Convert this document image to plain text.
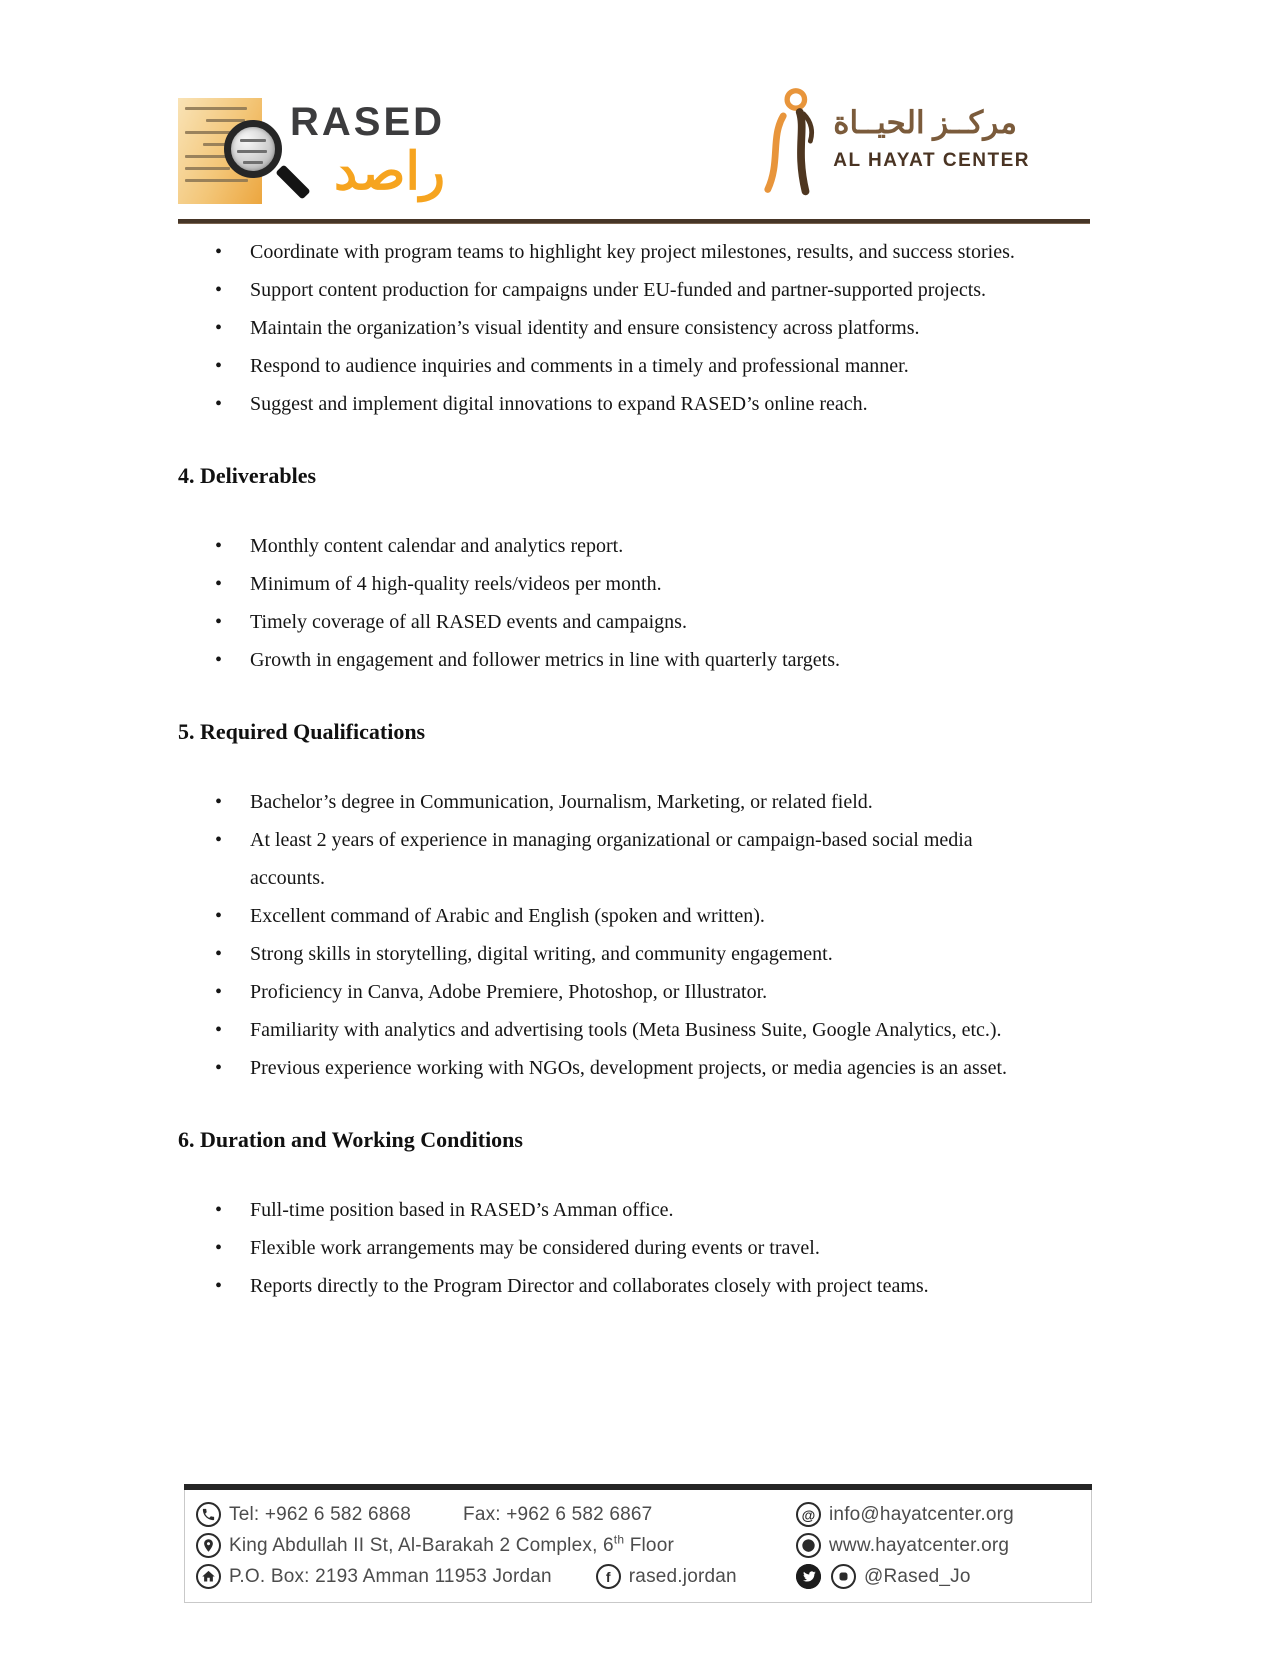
RASED
راصد
مركــز الحيــاة
AL HAYAT CENTER
• Coordinate with program teams to highlight key project milestones, results, and success stories.
• Support content production for campaigns under EU-funded and partner-supported projects.
• Maintain the organization’s visual identity and ensure consistency across platforms.
• Respond to audience inquiries and comments in a timely and professional manner.
• Suggest and implement digital innovations to expand RASED’s online reach.
4. Deliverables
• Monthly content calendar and analytics report.
• Minimum of 4 high-quality reels/videos per month.
• Timely coverage of all RASED events and campaigns.
• Growth in engagement and follower metrics in line with quarterly targets.
5. Required Qualifications
• Bachelor’s degree in Communication, Journalism, Marketing, or related field.
• At least 2 years of experience in managing organizational or campaign-based social media accounts.
• Excellent command of Arabic and English (spoken and written).
• Strong skills in storytelling, digital writing, and community engagement.
• Proficiency in Canva, Adobe Premiere, Photoshop, or Illustrator.
• Familiarity with analytics and advertising tools (Meta Business Suite, Google Analytics, etc.).
• Previous experience working with NGOs, development projects, or media agencies is an asset.
6. Duration and Working Conditions
• Full-time position based in RASED’s Amman office.
• Flexible work arrangements may be considered during events or travel.
• Reports directly to the Program Director and collaborates closely with project teams.
Tel: +962 6 582 6868	Fax: +962 6 582 6867
King Abdullah II St, Al-Barakah 2 Complex, 6th Floor
P.O. Box: 2193 Amman 11953 Jordan	f rased.jordan
@ info@hayatcenter.org
www.hayatcenter.org
@Rased_Jo
